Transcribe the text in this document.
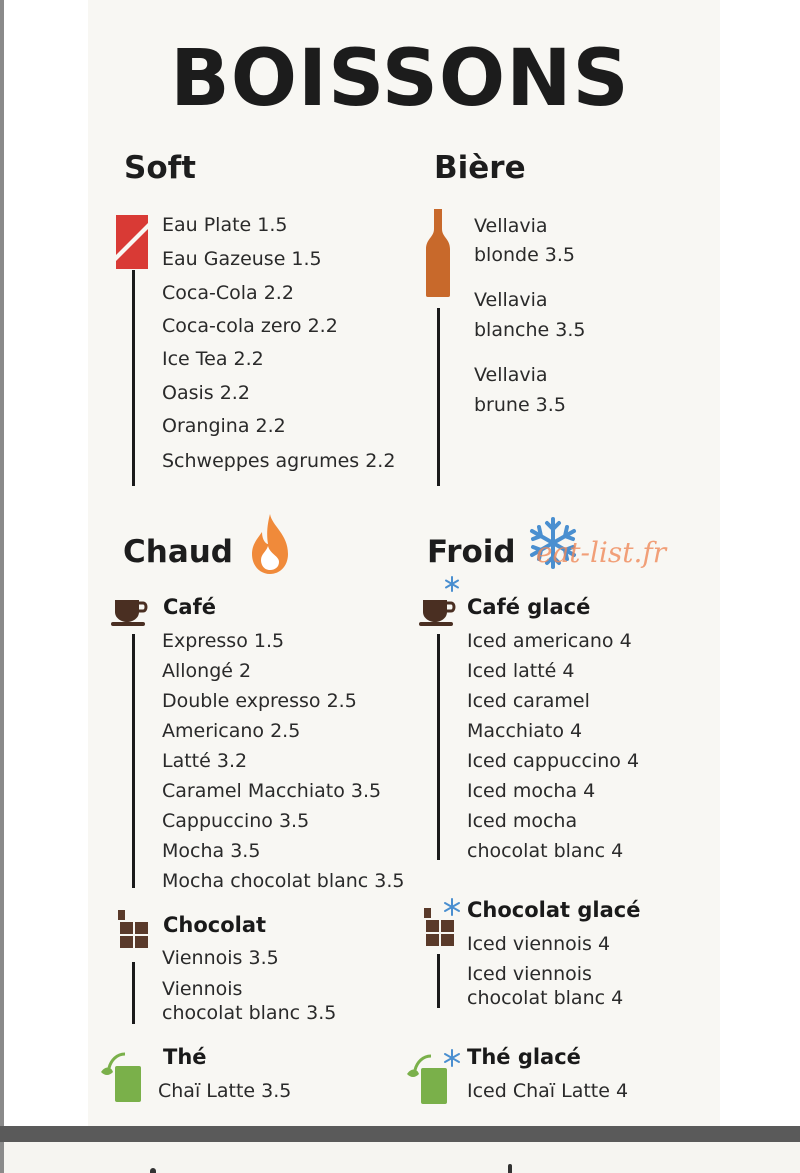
BOISSONS
Soft
Eau Plate 1.5
Eau Gazeuse 1.5
Coca-Cola 2.2
Coca-cola zero 2.2
Ice Tea 2.2
Oasis 2.2
Orangina 2.2
Schweppes agrumes 2.2
Bière
Vellavia
blonde 3.5
Vellavia
blanche 3.5
Vellavia
brune 3.5
Chaud
Café
Expresso 1.5
Allongé 2
Double expresso 2.5
Americano 2.5
Latté 3.2
Caramel Macchiato 3.5
Cappuccino 3.5
Mocha 3.5
Mocha chocolat blanc 3.5
Chocolat
Viennois 3.5
Viennois
chocolat blanc 3.5
Thé
Chaï Latte 3.5
Froid eat-list.fr
Café glacé
Iced americano 4
Iced latté 4
Iced caramel
Macchiato 4
Iced cappuccino 4
Iced mocha 4
Iced mocha
chocolat blanc 4
Chocolat glacé
Iced viennois 4
Iced viennois
chocolat blanc 4
Thé glacé
Iced Chaï Latte 4
